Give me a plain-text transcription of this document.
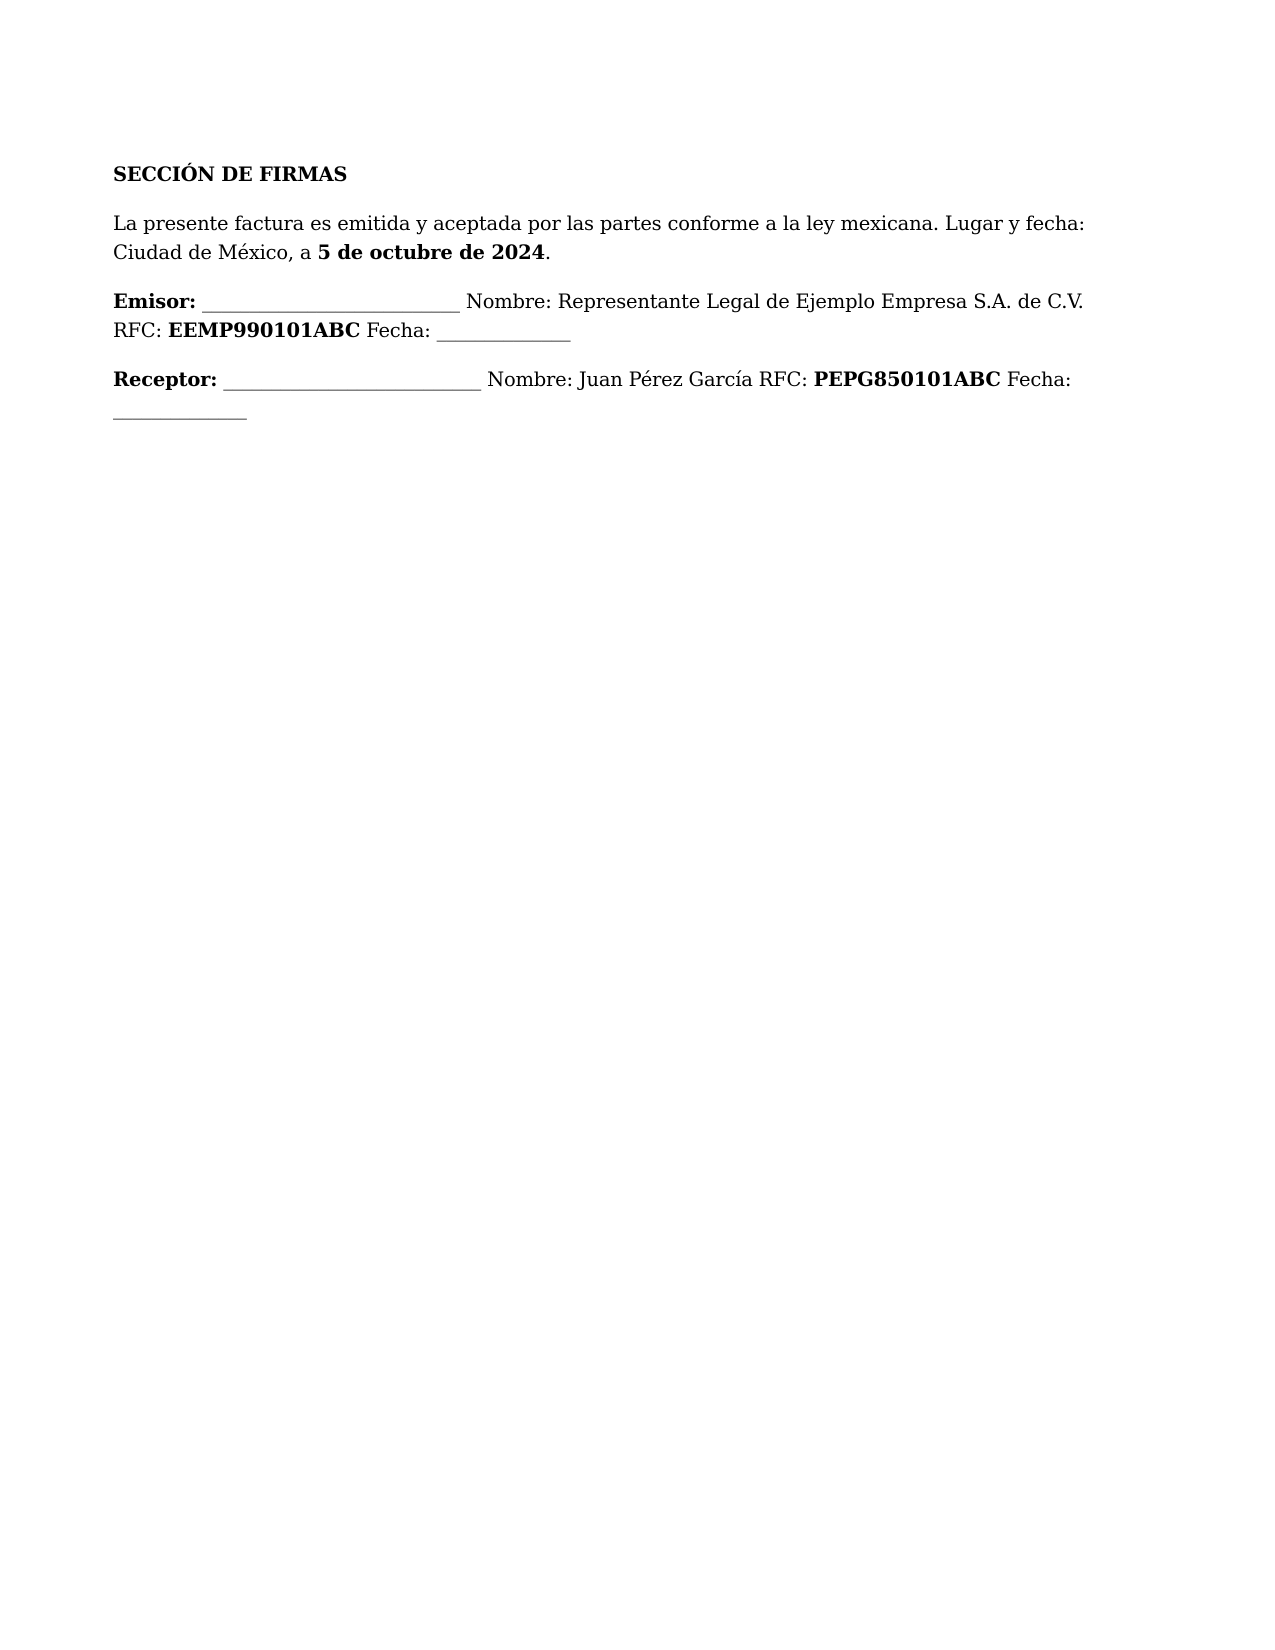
SECCIÓN DE FIRMAS

La presente factura es emitida y aceptada por las partes conforme a la ley mexicana. Lugar y fecha: Ciudad de México, a 5 de octubre de 2024.

Emisor: ___________________________ Nombre: Representante Legal de Ejemplo Empresa S.A. de C.V. RFC: EEMP990101ABC Fecha: ______________

Receptor: ___________________________ Nombre: Juan Pérez García RFC: PEPG850101ABC Fecha: ______________
